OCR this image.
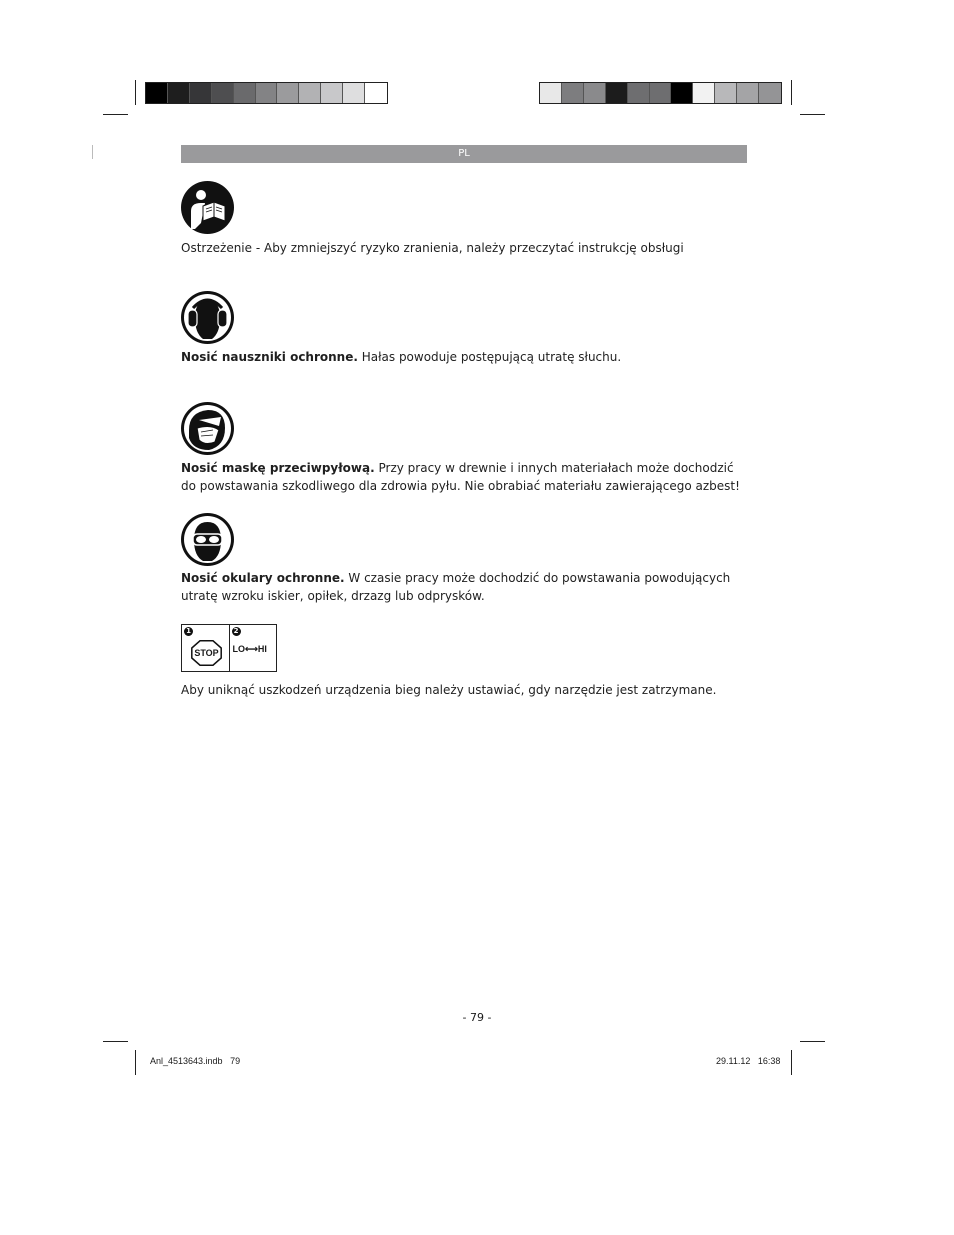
PL
Ostrzeżenie - Aby zmniejszyć ryzyko zranienia, należy przeczytać instrukcję obsługi
Nosić nauszniki ochronne. Hałas powoduje postępującą utratę słuchu.
Nosić maskę przeciwpyłową. Przy pracy w drewnie i innych materiałach może dochodzić do powstawania szkodliwego dla zdrowia pyłu. Nie obrabiać materiału zawierającego azbest!
Nosić okulary ochronne. W czasie pracy może dochodzić do powstawania powodujących utratę wzroku iskier, opiłek, drzazg lub odprysków.
1
STOP
2
LO⟷HI
Aby uniknąć uszkodzeń urządzenia bieg należy ustawiać, gdy narzędzie jest zatrzymane.
- 79 -
Anl_4513643.indb   79	29.11.12   16:38
